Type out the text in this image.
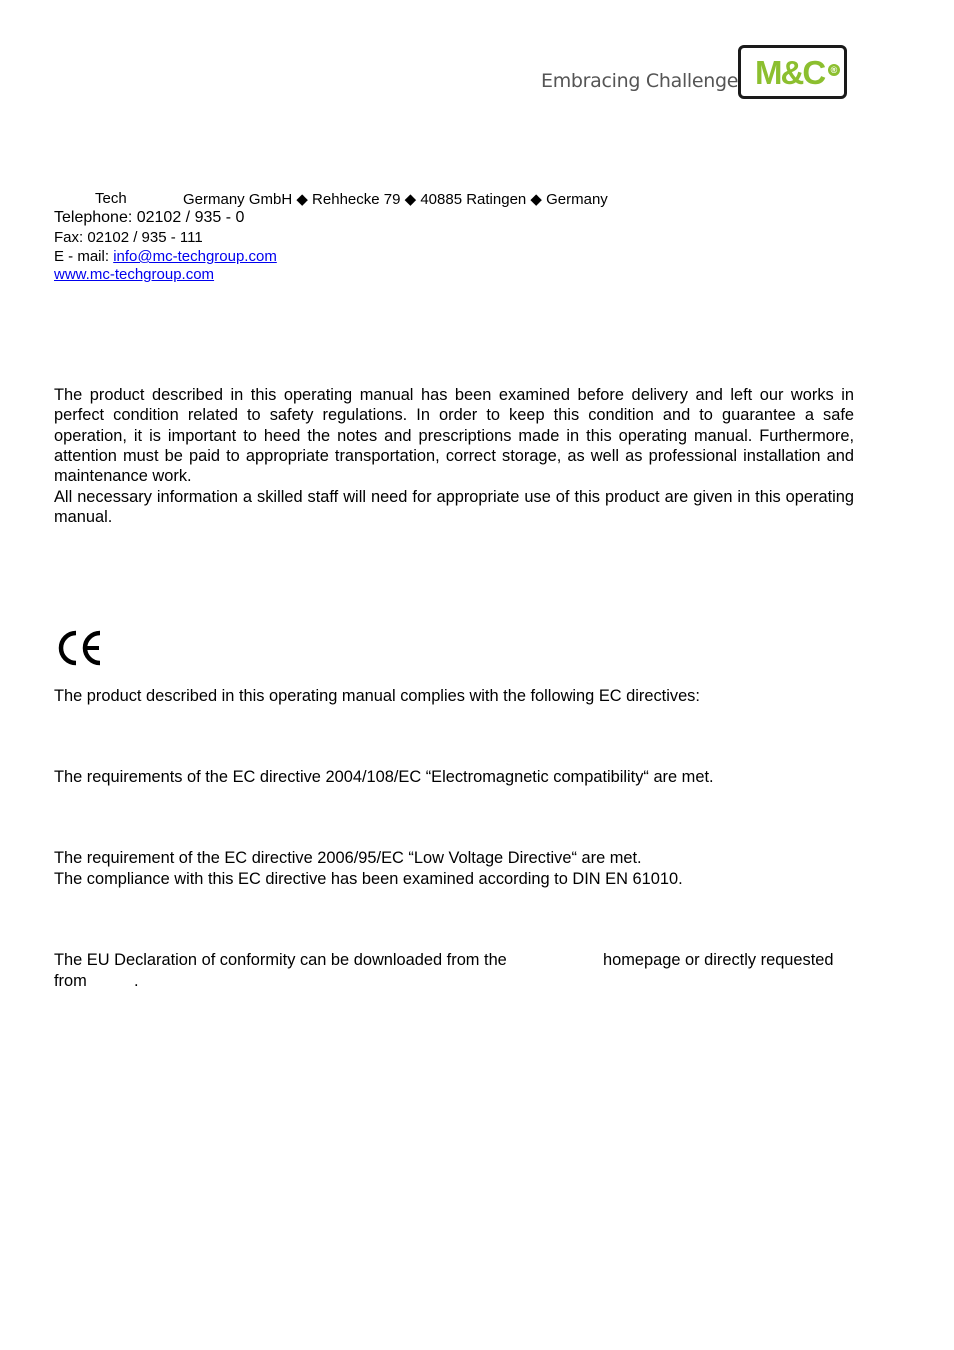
Embracing Challenge M&C ®
Tech	Germany GmbH ◆ Rehhecke 79 ◆ 40885 Ratingen ◆ Germany
Telephone: 02102 / 935 - 0
Fax: 02102 / 935 - 111
E - mail: info@mc-techgroup.com
www.mc-techgroup.com
The product described in this operating manual has been examined before delivery and left our works in perfect condition related to safety regulations. In order to keep this condition and to guarantee a safe operation, it is important to heed the notes and prescriptions made in this operating manual. Furthermore, attention must be paid to appropriate transportation, correct storage, as well as professional installation and maintenance work.
All necessary information a skilled staff will need for appropriate use of this product are given in this operating manual.
The product described in this operating manual complies with the following EC directives:
The requirements of the EC directive 2004/108/EC “Electromagnetic compatibility“ are met.
The requirement of the EC directive 2006/95/EC “Low Voltage Directive“ are met.
The compliance with this EC directive has been examined according to DIN EN 61010.
The EU Declaration of conformity can be downloaded from the	homepage or directly requested
from	.
